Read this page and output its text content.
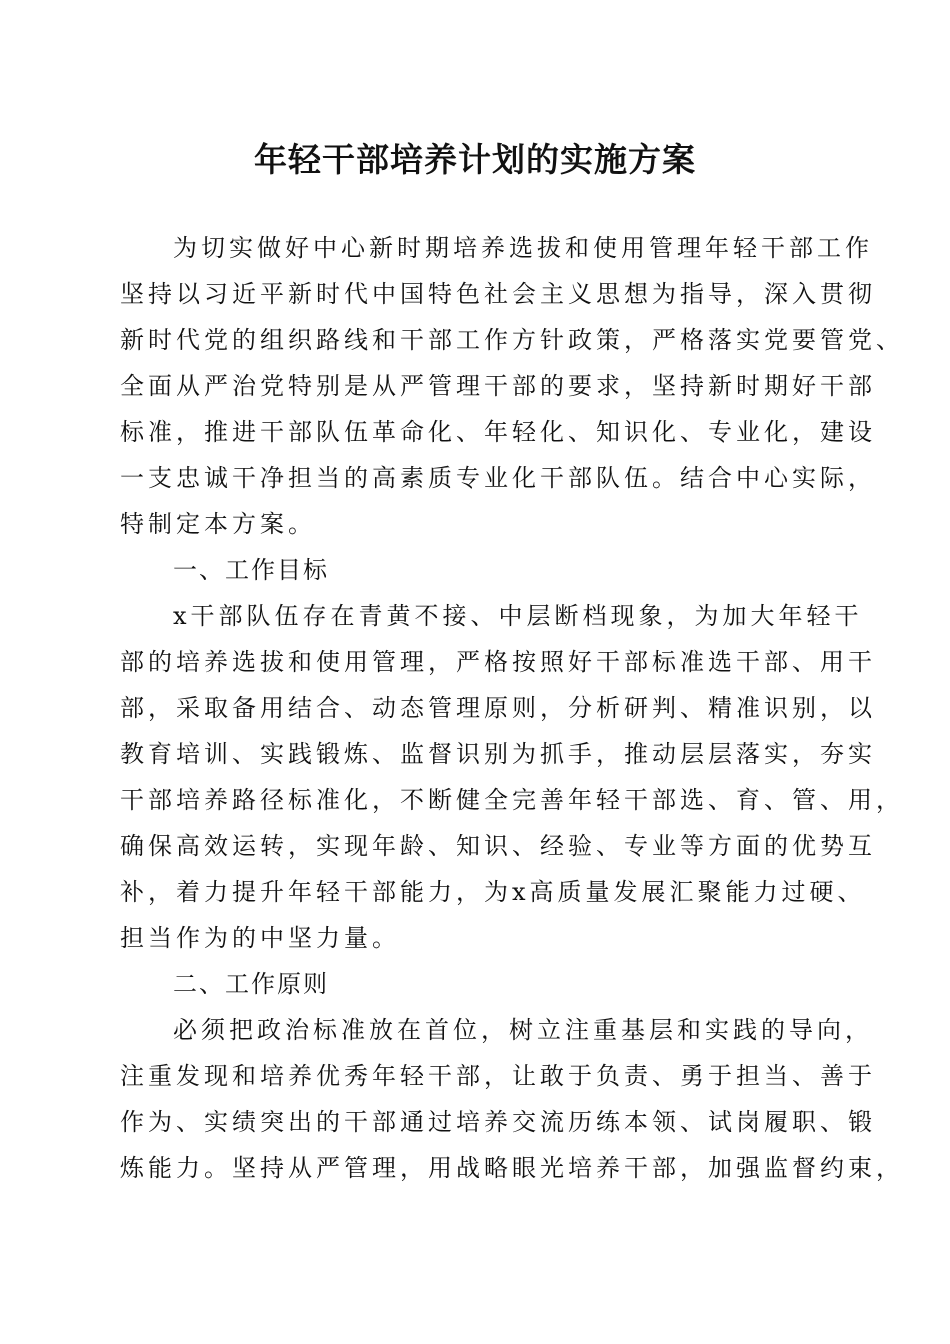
年轻干部培养计划的实施方案
为切实做好中心新时期培养选拔和使用管理年轻干部工作
坚持以习近平新时代中国特色社会主义思想为指导，深入贯彻
新时代党的组织路线和干部工作方针政策，严格落实党要管党、
全面从严治党特别是从严管理干部的要求，坚持新时期好干部
标准，推进干部队伍革命化、年轻化、知识化、专业化，建设
一支忠诚干净担当的高素质专业化干部队伍。结合中心实际，
特制定本方案。
一、工作目标
x干部队伍存在青黄不接、中层断档现象，为加大年轻干
部的培养选拔和使用管理，严格按照好干部标准选干部、用干
部，采取备用结合、动态管理原则，分析研判、精准识别，以
教育培训、实践锻炼、监督识别为抓手，推动层层落实，夯实
干部培养路径标准化，不断健全完善年轻干部选、育、管、用，
确保高效运转，实现年龄、知识、经验、专业等方面的优势互
补，着力提升年轻干部能力，为x高质量发展汇聚能力过硬、
担当作为的中坚力量。
二、工作原则
必须把政治标准放在首位，树立注重基层和实践的导向，
注重发现和培养优秀年轻干部，让敢于负责、勇于担当、善于
作为、实绩突出的干部通过培养交流历练本领、试岗履职、锻
炼能力。坚持从严管理，用战略眼光培养干部，加强监督约束，
